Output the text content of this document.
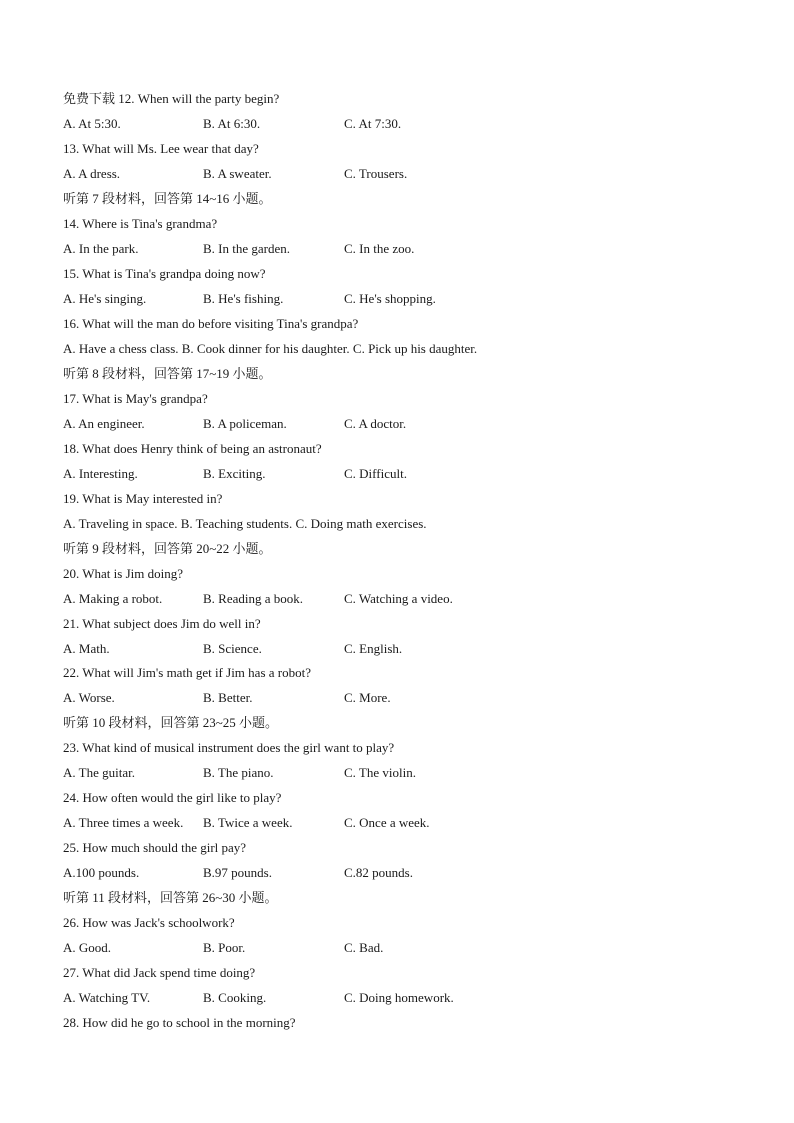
免费下载 12. When will the party begin?
A. At 5:30.	B. At 6:30.	C. At 7:30.
13. What will Ms. Lee wear that day?
A. A dress.	B. A sweater.	C. Trousers.
听第 7 段材料，回答第 14~16 小题。
14. Where is Tina's grandma?
A. In the park.	B. In the garden.	C. In the zoo.
15. What is Tina's grandpa doing now?
A. He's singing.	B. He's fishing.	C. He's shopping.
16. What will the man do before visiting Tina's grandpa?
A. Have a chess class. B. Cook dinner for his daughter. C. Pick up his daughter.
听第 8 段材料，回答第 17~19 小题。
17. What is May's grandpa?
A. An engineer.	B. A policeman.	C. A doctor.
18. What does Henry think of being an astronaut?
A. Interesting.	B. Exciting.	C. Difficult.
19. What is May interested in?
A. Traveling in space. B. Teaching students. C. Doing math exercises.
听第 9 段材料，回答第 20~22 小题。
20. What is Jim doing?
A. Making a robot.	B. Reading a book.	C. Watching a video.
21. What subject does Jim do well in?
A. Math.	B. Science.	C. English.
22. What will Jim's math get if Jim has a robot?
A. Worse.	B. Better.	C. More.
听第 10 段材料，回答第 23~25 小题。
23. What kind of musical instrument does the girl want to play?
A. The guitar.	B. The piano.	C. The violin.
24. How often would the girl like to play?
A. Three times a week. B. Twice a week.	C. Once a week.
25. How much should the girl pay?
A.100 pounds.	B.97 pounds.	C.82 pounds.
听第 11 段材料，回答第 26~30 小题。
26. How was Jack's schoolwork?
A. Good.	B. Poor.	C. Bad.
27. What did Jack spend time doing?
A. Watching TV.	B. Cooking.	C. Doing homework.
28. How did he go to school in the morning?
